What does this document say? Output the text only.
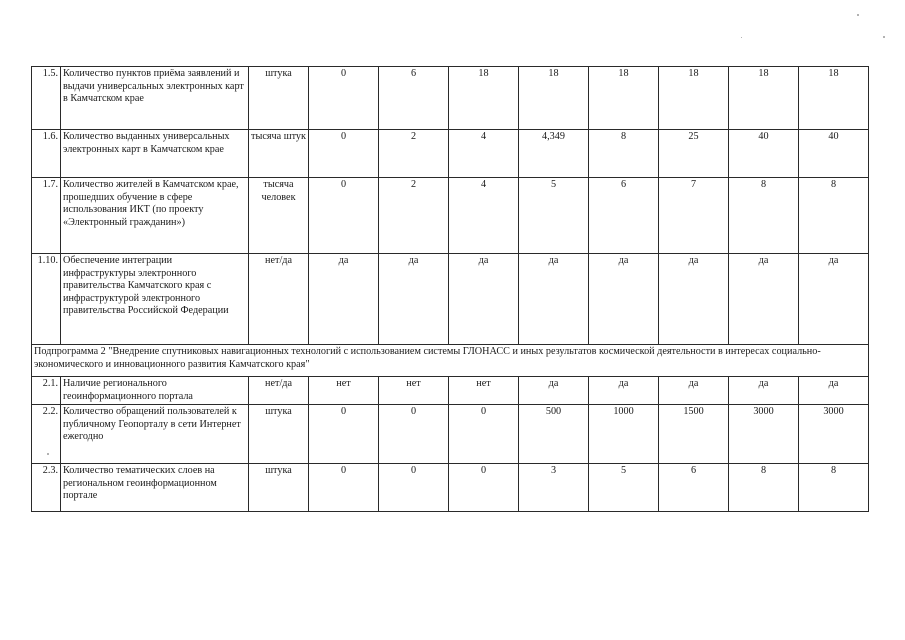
1.5.	Количество пунктов приёма заявлений и выдачи универсальных электронных карт в Камчатском крае	штука	0	6	18	18	18	18	18	18
1.6.	Количество выданных универсальных электронных карт в Камчатском крае	тысяча штук	0	2	4	4,349	8	25	40	40
1.7.	Количество жителей в Камчатском крае, прошедших обучение в сфере использования ИКТ (по проекту «Электронный гражданин»)	тысяча человек	0	2	4	5	6	7	8	8
1.10.	Обеспечение интеграции инфраструктуры электронного правительства Камчатского края с инфраструктурой электронного правительства Российской Федерации	нет/да	да	да	да	да	да	да	да	да
Подпрограмма 2 "Внедрение спутниковых навигационных технологий с использованием системы ГЛОНАСС и иных результатов космической деятельности в интересах социально-экономического и инновационного развития Камчатского края"										
2.1.	Наличие регионального геоинформационного портала	нет/да	нет	нет	нет	да	да	да	да	да
2.2.	Количество обращений пользователей к публичному Геопорталу в сети Интернет ежегодно	штука	0	0	0	500	1000	1500	3000	3000
2.3.	Количество тематических слоев на региональном геоинформационном портале	штука	0	0	0	3	5	6	8	8
